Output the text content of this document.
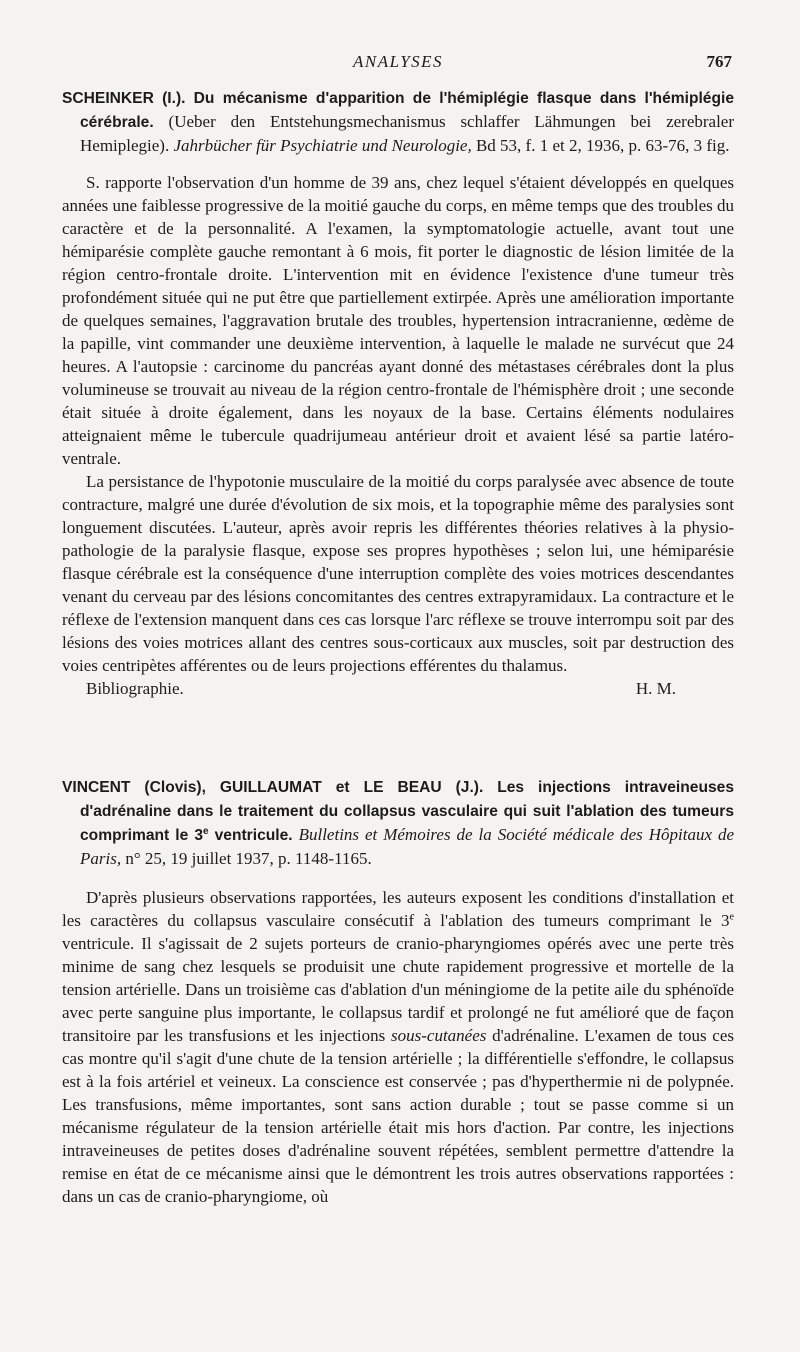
ANALYSES	767

SCHEINKER (I.). Du mécanisme d'apparition de l'hémiplégie flasque dans l'hémiplégie cérébrale. (Ueber den Entstehungsmechanismus schlaffer Lähmungen bei zerebraler Hemiplegie). Jahrbücher für Psychiatrie und Neurologie, Bd 53, f. 1 et 2, 1936, p. 63-76, 3 fig.

S. rapporte l'observation d'un homme de 39 ans, chez lequel s'étaient développés en quelques années une faiblesse progressive de la moitié gauche du corps, en même temps que des troubles du caractère et de la personnalité. A l'examen, la symptomatologie actuelle, avant tout une hémiparésie complète gauche remontant à 6 mois, fit porter le diagnostic de lésion limitée de la région centro-frontale droite. L'intervention mit en évidence l'existence d'une tumeur très profondément située qui ne put être que partiellement extirpée. Après une amélioration importante de quelques semaines, l'aggravation brutale des troubles, hypertension intracranienne, œdème de la papille, vint commander une deuxième intervention, à laquelle le malade ne survécut que 24 heures. A l'autopsie : carcinome du pancréas ayant donné des métastases cérébrales dont la plus volumineuse se trouvait au niveau de la région centro-frontale de l'hémisphère droit ; une seconde était située à droite également, dans les noyaux de la base. Certains éléments nodulaires atteignaient même le tubercule quadrijumeau antérieur droit et avaient lésé sa partie latéro-ventrale.

La persistance de l'hypotonie musculaire de la moitié du corps paralysée avec absence de toute contracture, malgré une durée d'évolution de six mois, et la topographie même des paralysies sont longuement discutées. L'auteur, après avoir repris les différentes théories relatives à la physio-pathologie de la paralysie flasque, expose ses propres hypothèses ; selon lui, une hémiparésie flasque cérébrale est la conséquence d'une interruption complète des voies motrices descendantes venant du cerveau par des lésions concomitantes des centres extrapyramidaux. La contracture et le réflexe de l'extension manquent dans ces cas lorsque l'arc réflexe se trouve interrompu soit par des lésions des voies motrices allant des centres sous-corticaux aux muscles, soit par destruction des voies centripètes afférentes ou de leurs projections efférentes du thalamus.

Bibliographie.	H. M.

VINCENT (Clovis), GUILLAUMAT et LE BEAU (J.). Les injections intraveineuses d'adrénaline dans le traitement du collapsus vasculaire qui suit l'ablation des tumeurs comprimant le 3e ventricule. Bulletins et Mémoires de la Société médicale des Hôpitaux de Paris, n° 25, 19 juillet 1937, p. 1148-1165.

D'après plusieurs observations rapportées, les auteurs exposent les conditions d'installation et les caractères du collapsus vasculaire consécutif à l'ablation des tumeurs comprimant le 3e ventricule. Il s'agissait de 2 sujets porteurs de cranio-pharyngiomes opérés avec une perte très minime de sang chez lesquels se produisit une chute rapidement progressive et mortelle de la tension artérielle. Dans un troisième cas d'ablation d'un méningiome de la petite aile du sphénoïde avec perte sanguine plus importante, le collapsus tardif et prolongé ne fut amélioré que de façon transitoire par les transfusions et les injections sous-cutanées d'adrénaline. L'examen de tous ces cas montre qu'il s'agit d'une chute de la tension artérielle ; la différentielle s'effondre, le collapsus est à la fois artériel et veineux. La conscience est conservée ; pas d'hyperthermie ni de polypnée. Les transfusions, même importantes, sont sans action durable ; tout se passe comme si un mécanisme régulateur de la tension artérielle était mis hors d'action. Par contre, les injections intraveineuses de petites doses d'adrénaline souvent répétées, semblent permettre d'attendre la remise en état de ce mécanisme ainsi que le démontrent les trois autres observations rapportées : dans un cas de cranio-pharyngiome, où
